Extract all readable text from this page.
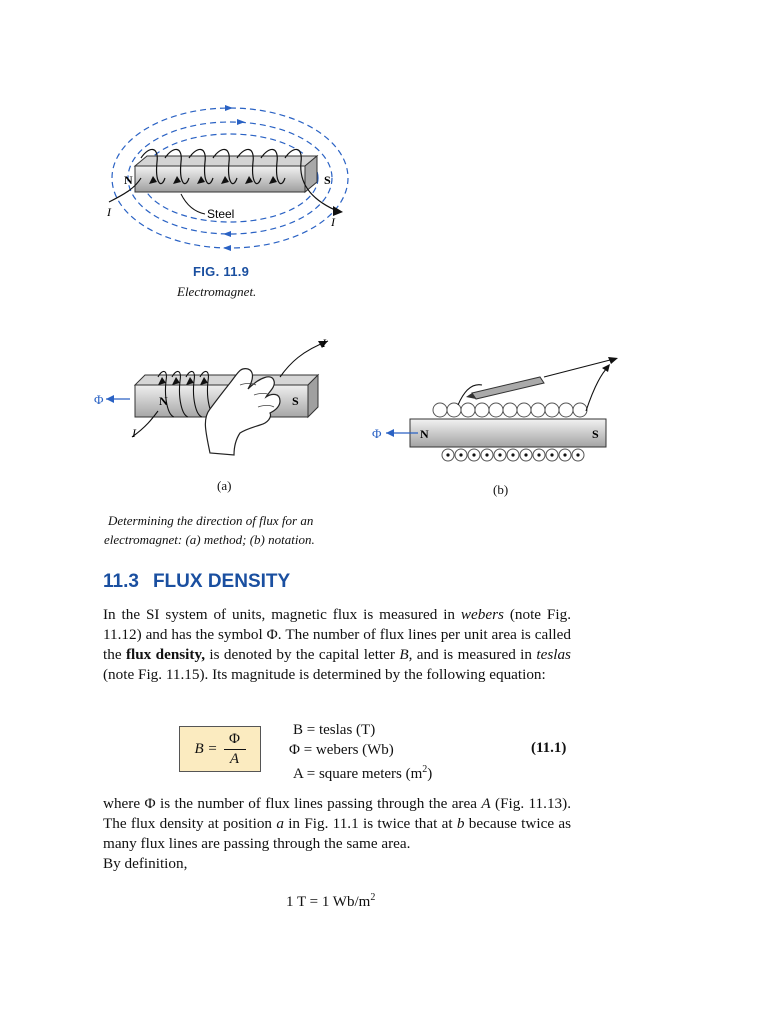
N	S
I
I
Steel
FIG. 11.9
Electromagnet.
Φ	N	S
I
I
(a)
Φ	N	S
(b)
Determining the direction of flux for an
electromagnet: (a) method; (b) notation.
11.3 FLUX DENSITY
In the SI system of units, magnetic flux is measured in webers (note Fig. 11.12) and has the symbol Φ. The number of flux lines per unit area is called the flux density, is denoted by the capital letter B, and is measured in teslas (note Fig. 11.15). Its magnitude is determined by the following equation:
$B = \frac{\Phi}{A}$
B = teslas (T)
Φ = webers (Wb)
A = square meters $(m^2)$
(11.1)
where Φ is the number of flux lines passing through the area A (Fig. 11.13). The flux density at position a in Fig. 11.1 is twice that at b because twice as many flux lines are passing through the same area.
By definition,
1 T = 1 $Wb/m^2$
